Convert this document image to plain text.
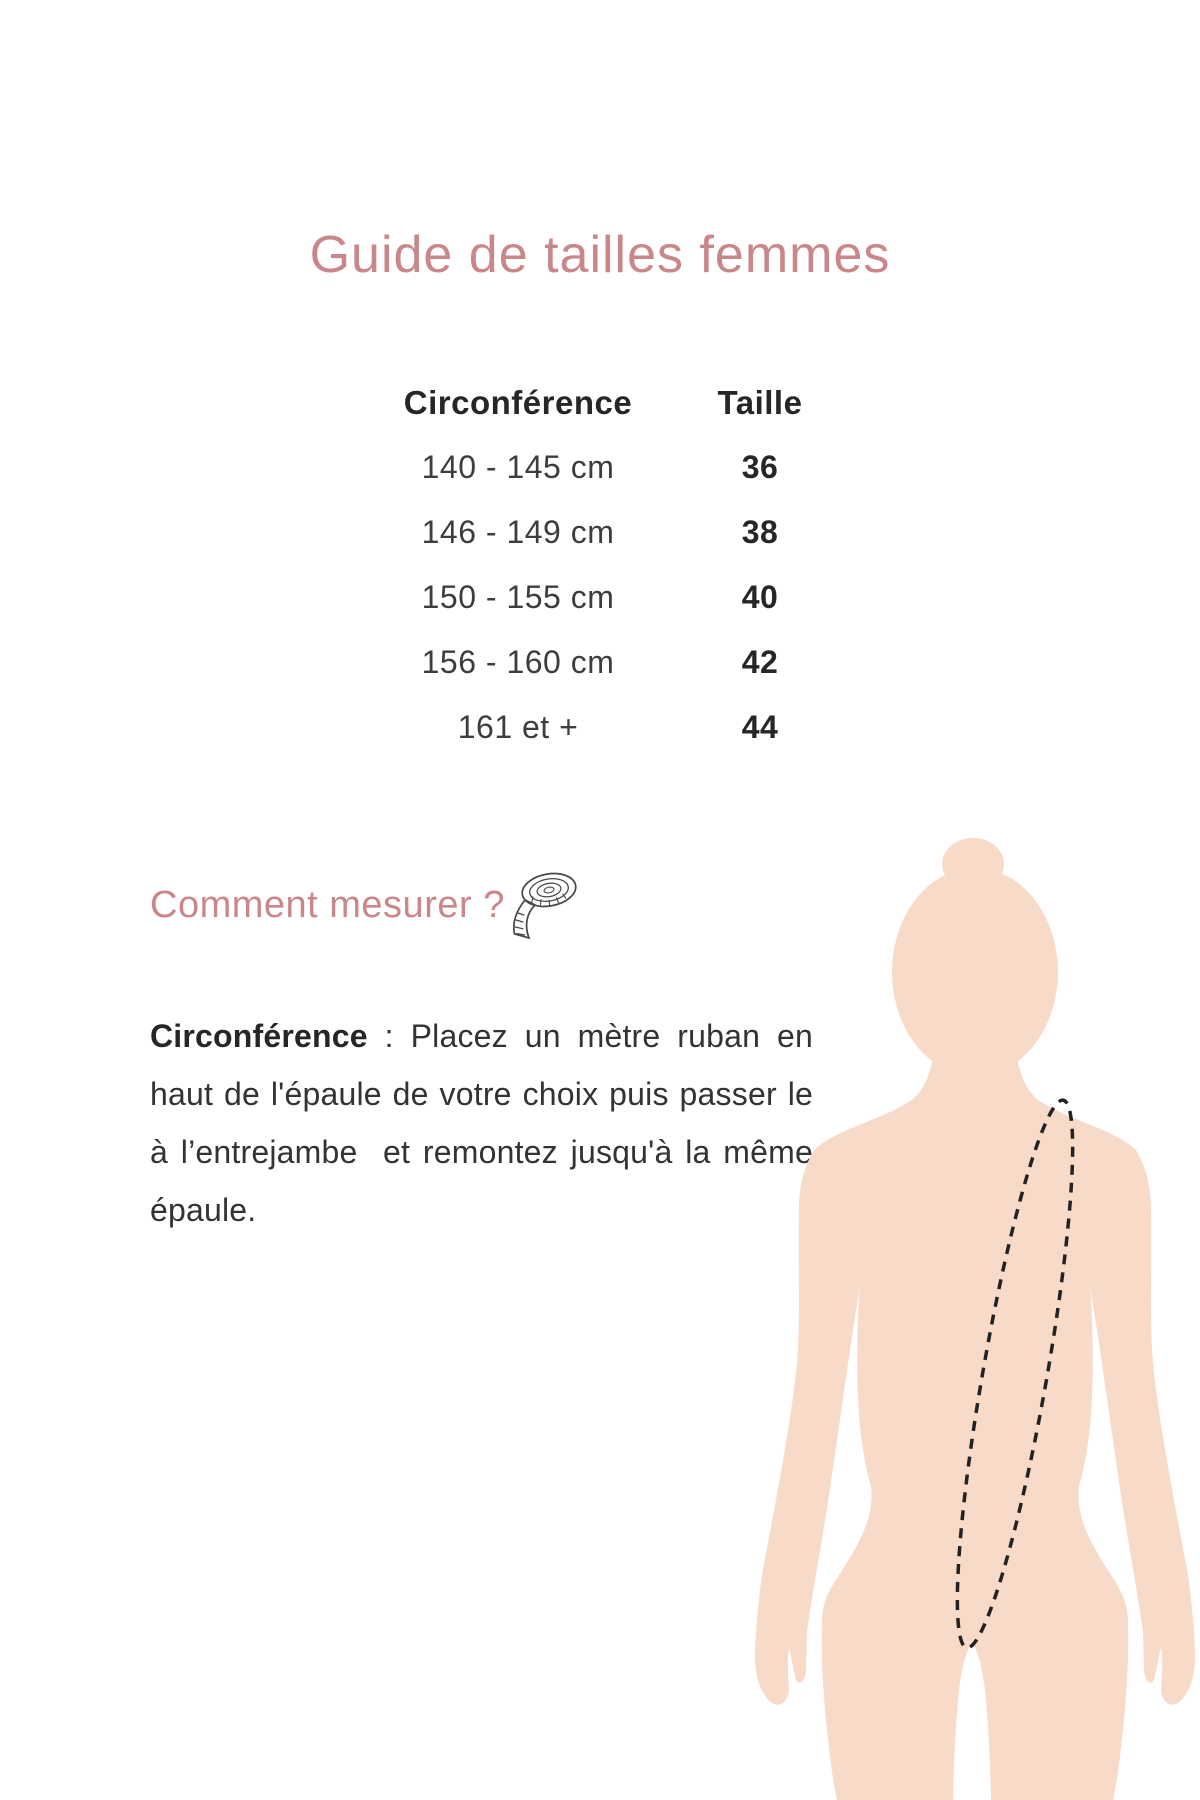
Guide de tailles femmes
Circonférence	Taille
140 - 145 cm	36
146 - 149 cm	38
150 - 155 cm	40
156 - 160 cm	42
161 et +	44
Comment mesurer ?

Circonférence : Placez un mètre ruban en haut de l'épaule de votre choix puis passer le à l’entrejambe  et remontez jusqu'à la même épaule.
